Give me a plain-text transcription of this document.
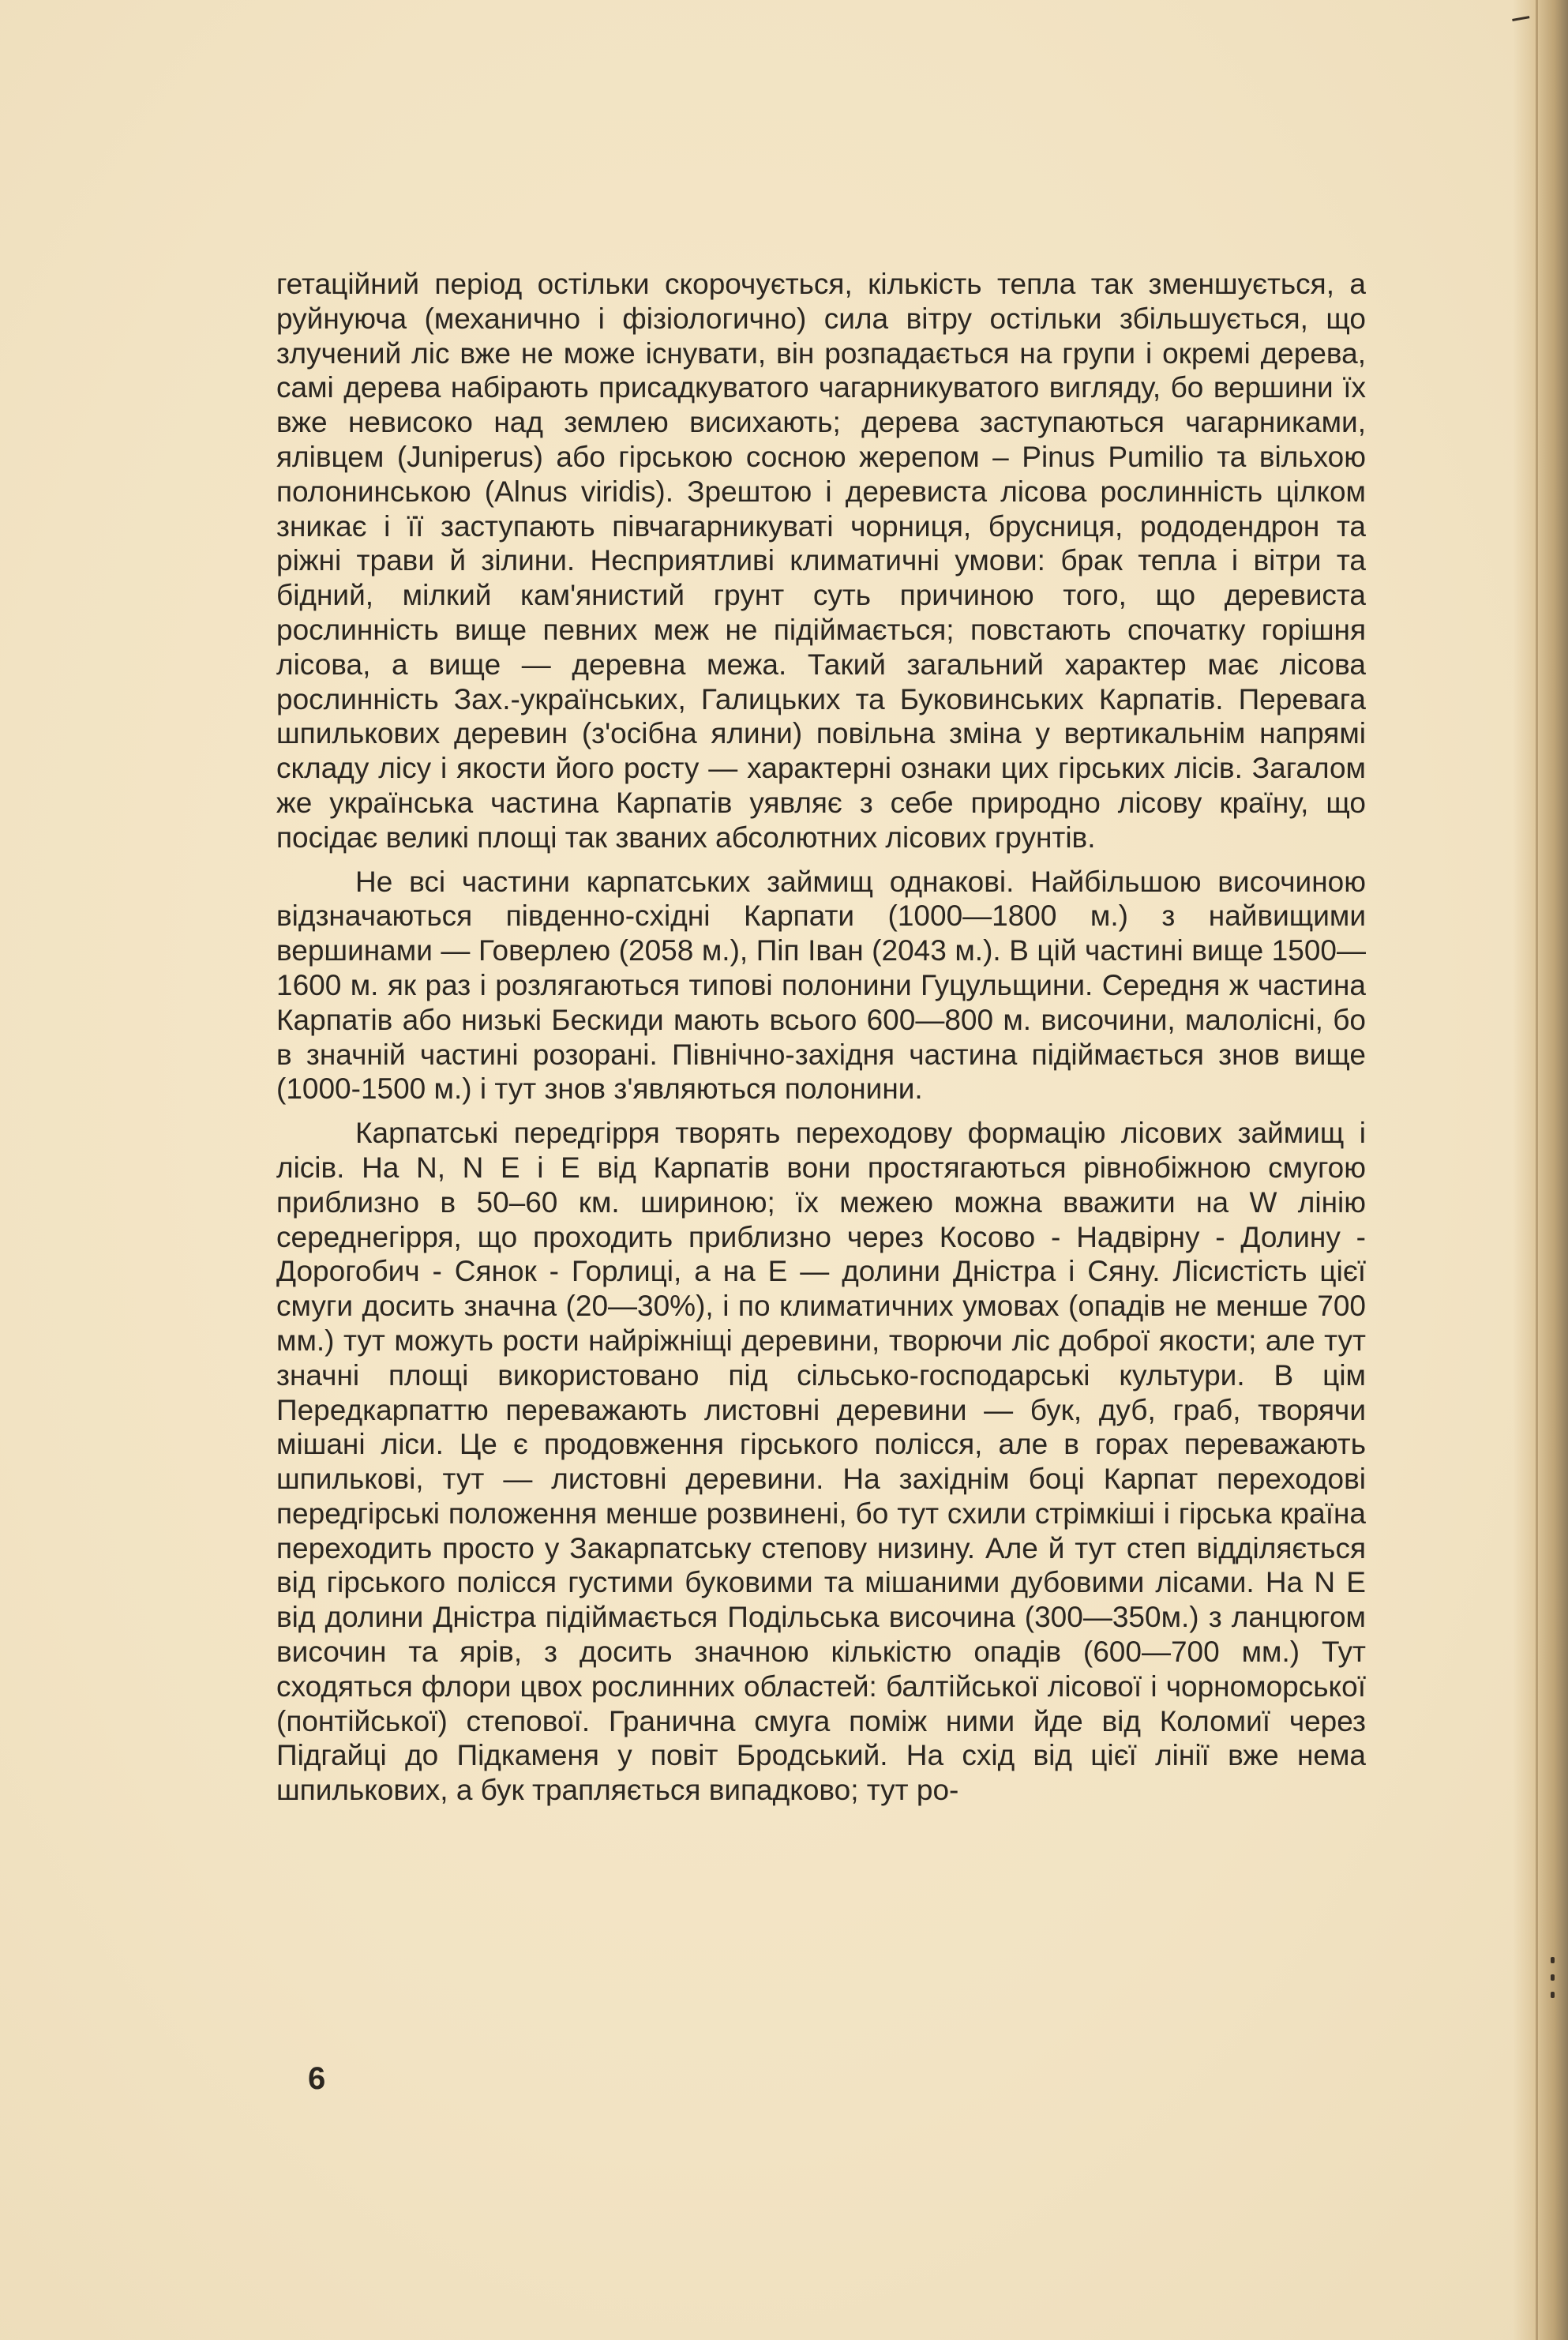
гетаційний період остільки скорочується, кількість тепла так зменшується, а руйнуюча (механично і фізіологично) сила вітру остільки збільшується, що злучений ліс вже не може існувати, він розпадається на групи і окремі дерева, самі дерева набірають присадкуватого чагарникуватого вигляду, бо вершини їх вже невисоко над землею висихають; дерева заступаються чагарниками, ялівцем (Juniperus) або гірською сосною жерепом – Pinus Pumilio та вільхою полонинською (Alnus viridis). Зрештою і деревиста лісова рослинність цілком зникає і її заступають півчагарникуваті чорниця, брусниця, рододендрон та ріжні трави й зілини. Несприятливі климатичні умови: брак тепла і вітри та бідний, мілкий кам'янистий грунт суть причиною того, що деревиста рослинність вище певних меж не підіймається; повстають спочатку горішня лісова, а вище — деревна межа. Такий загальний характер має лісова рослинність Зах.-українських, Галицьких та Буковинських Карпатів. Перевага шпилькових деревин (з'осібна ялини) повільна зміна у вертикальнім напрямі складу лісу і якости його росту — характерні ознаки цих гірських лісів. Загалом же українська частина Карпатів уявляє з себе природно лісову країну, що посідає великі площі так званих абсолютних лісових грунтів.

Не всі частини карпатських займищ однакові. Найбільшою височиною відзначаються південно-східні Карпати (1000—1800 м.) з найвищими вершинами — Говерлею (2058 м.), Піп Іван (2043 м.). В цій частині вище 1500—1600 м. як раз і розлягаються типові полонини Гуцульщини. Середня ж частина Карпатів або низькі Бескиди мають всього 600—800 м. височини, малолісні, бо в значній частині розорані. Північно-західня частина підіймається знов вище (1000-1500 м.) і тут знов з'являються полонини.

Карпатські передгірря творять переходову формацію лісових займищ і лісів. На N, N E і E від Карпатів вони простягаються рівнобіжною смугою приблизно в 50–60 км. шириною; їх межею можна вважити на W лінію середнегірря, що проходить приблизно через Косово - Надвірну - Долину - Дорогобич - Сянок - Горлиці, а на E — долини Дністра і Сяну. Лісистість цієї смуги досить значна (20—30%), і по климатичних умовах (опадів не менше 700 мм.) тут можуть рости найріжніщі деревини, творючи ліс доброї якости; але тут значні площі використовано під сільсько-господарські культури. В цім Передкарпаттю переважають листовні деревини — бук, дуб, граб, творячи мішані ліси. Це є продовження гірського полісся, але в горах переважають шпилькові, тут — листовні деревини. На західнім боці Карпат переходові передгірські положення менше розвинені, бо тут схили стрімкіші і гірська країна переходить просто у Закарпатську степову низину. Але й тут степ відділяється від гірського полісся густими буковими та мішаними дубовими лісами. На N E від долини Дністра підіймається Подільська височина (300—350м.) з ланцюгом височин та ярів, з досить значною кількістю опадів (600—700 мм.) Тут сходяться флори цвох рослинних областей: балтійської лісової і чорноморської (понтійської) степової. Гранична смуга поміж ними йде від Коломиї через Підгайці до Підкаменя у повіт Бродський. На схід від цієї лінії вже нема шпилькових, а бук трапляється випадково; тут ро-

6
